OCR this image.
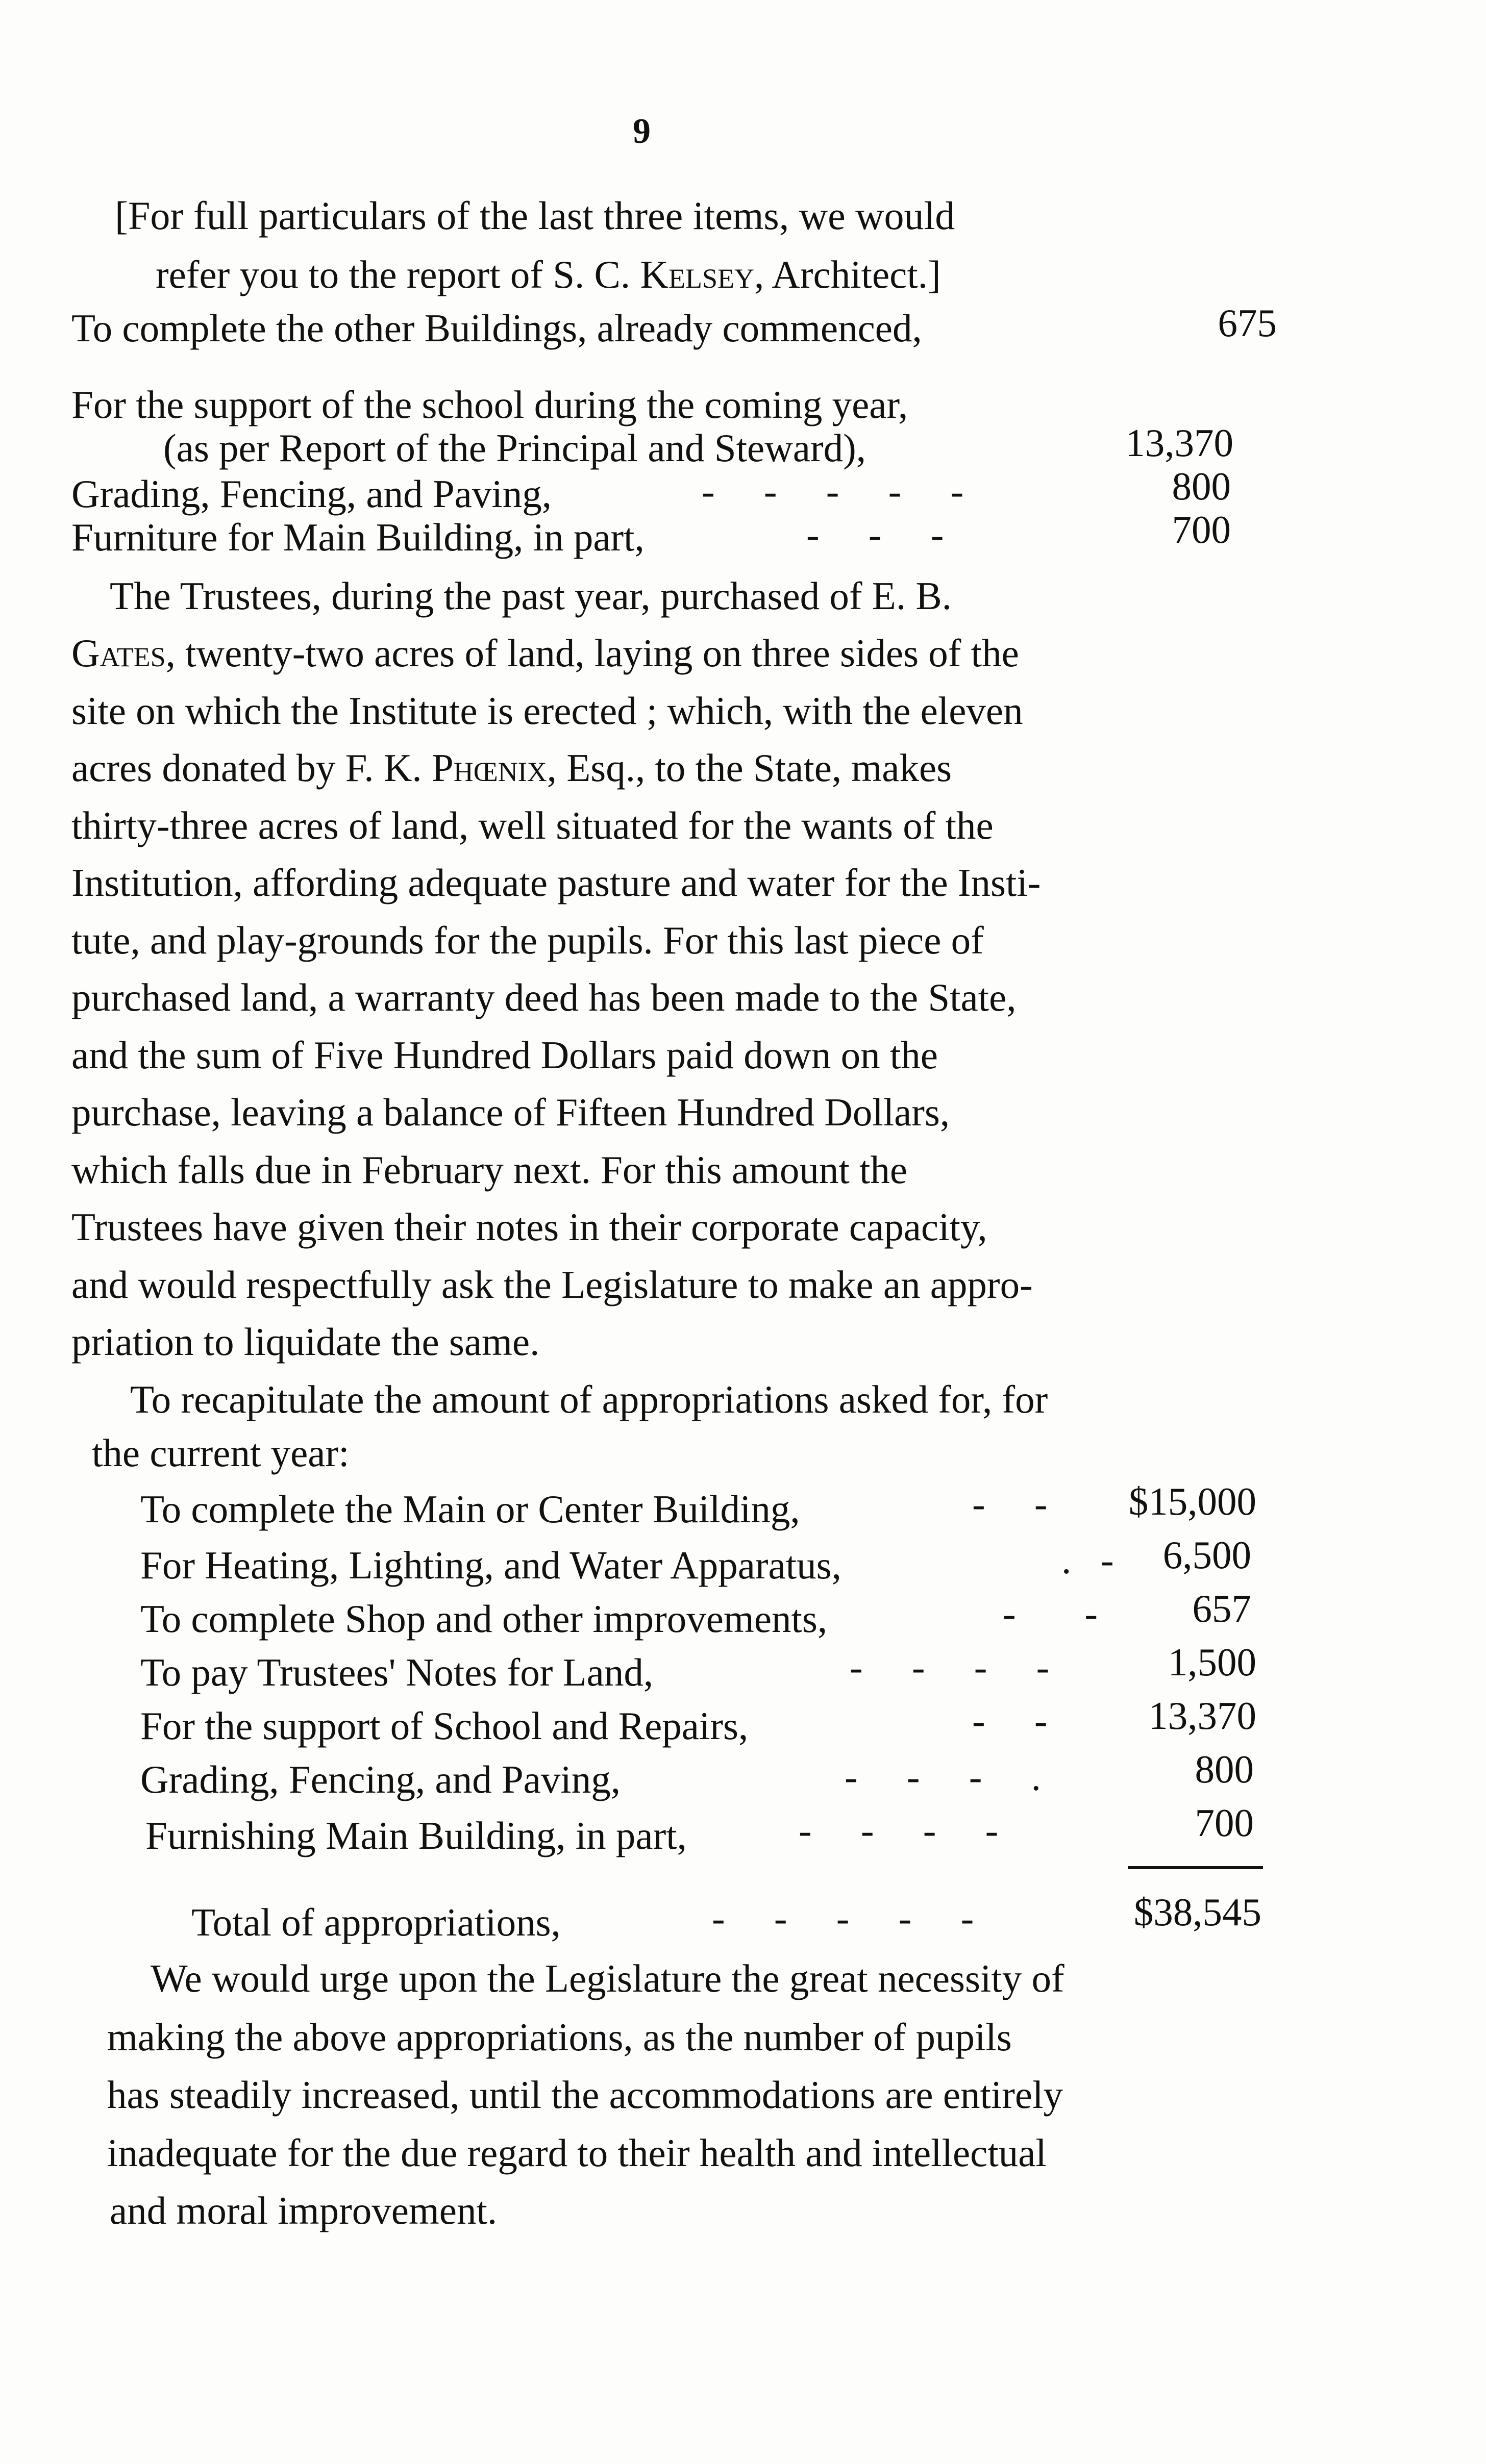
9
[For full particulars of the last three items, we would
refer you to the report of S. C. Kelsey, Architect.]
To complete the other Buildings, already commenced,	675
For the support of the school during the coming year,
(as per Report of the Principal and Steward),	13,370
Grading, Fencing, and Paving,	-     -     -     -     -	800
Furniture for Main Building, in part,	-     -     -	700
The Trustees, during the past year, purchased of E. B.
Gates, twenty-two acres of land, laying on three sides of the
site on which the Institute is erected ; which, with the eleven
acres donated by F. K. Phœnix, Esq., to the State, makes
thirty-three acres of land, well situated for the wants of the
Institution, affording adequate pasture and water for the Insti-
tute, and play-grounds for the pupils. For this last piece of
purchased land, a warranty deed has been made to the State,
and the sum of Five Hundred Dollars paid down on the
purchase, leaving a balance of Fifteen Hundred Dollars,
which falls due in February next. For this amount the
Trustees have given their notes in their corporate capacity,
and would respectfully ask the Legislature to make an appro-
priation to liquidate the same.
To recapitulate the amount of appropriations asked for, for
the current year:
To complete the Main or Center Building,	-     - $15,000
For Heating, Lighting, and Water Apparatus,	.   - 6,500
To complete Shop and other improvements,	-       - 657
To pay Trustees' Notes for Land,	-     -     -     -	1,500
For the support of School and Repairs,	-     -	13,370
Grading, Fencing, and Paving,	-     -     -     .	800
Furnishing Main Building, in part,	-     -     -     -	700
Total of appropriations,	-     -     -     -     -	$38,545
We would urge upon the Legislature the great necessity of
making the above appropriations, as the number of pupils
has steadily increased, until the accommodations are entirely
inadequate for the due regard to their health and intellectual
and moral improvement.
